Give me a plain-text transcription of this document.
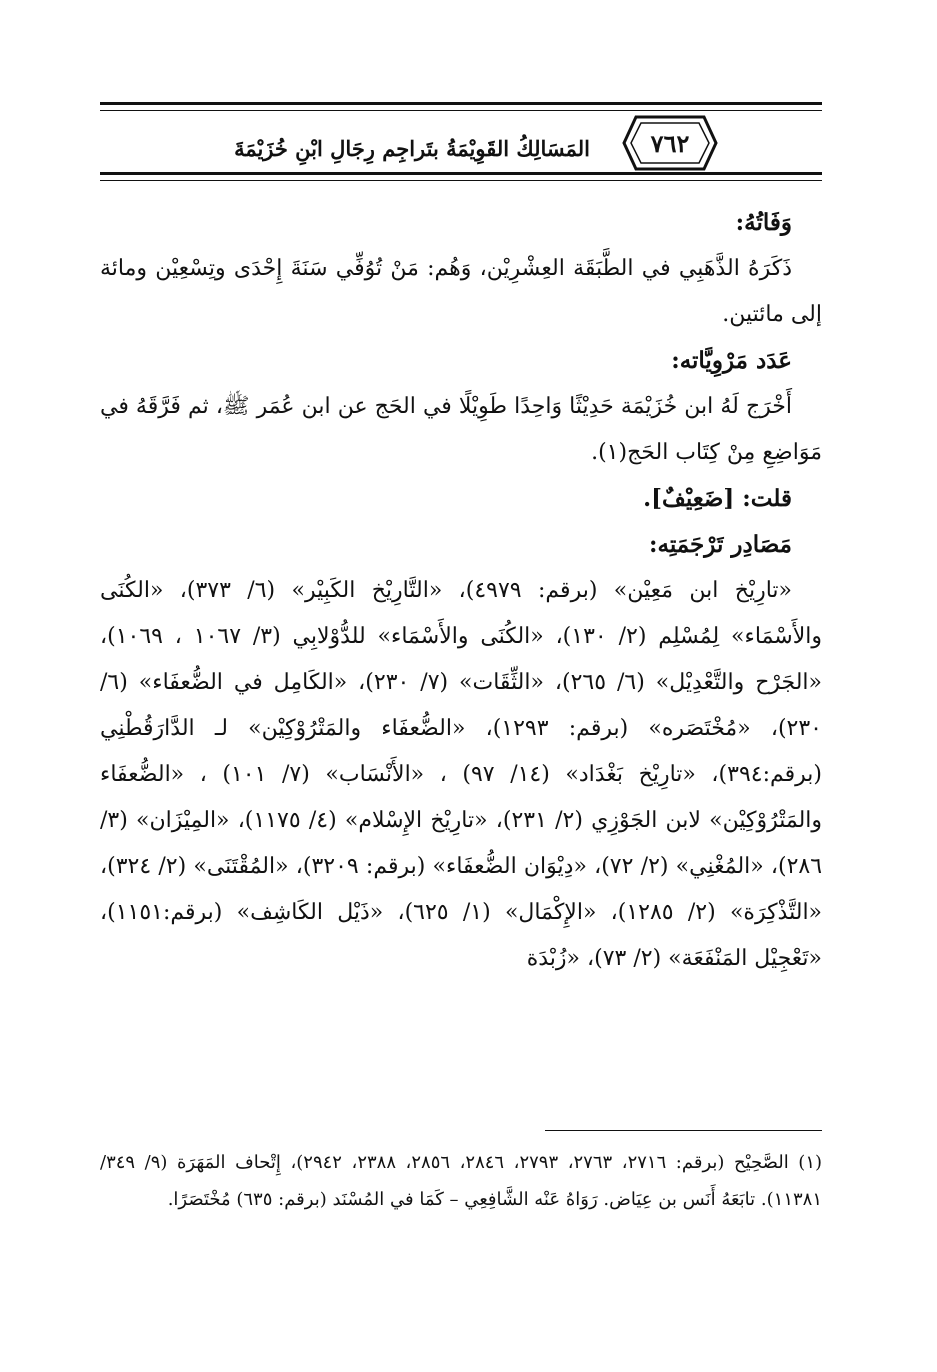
٧٦٢
المَسَالِكُ القَوِيْمَةُ بتَراجِم رِجَالِ ابْنِ خُزَيْمَةَ

وَفَاتُهُ:

ذَكَرَهُ الذَّهَبِي في الطَّبَقَة العِشْرِيْن، وَهُم: مَنْ تُوُفِّي سَنَةَ إِحْدَى وتِسْعِيْن ومائة إلى مائتين.

عَدَد مَرْوِيَّاته:

أَخْرَج لَهُ ابن خُزَيْمَة حَدِيْثًا وَاحِدًا طَوِيْلًا في الحَج عن ابن عُمَر ﷺ، ثم فَرَّقَهُ في مَوَاضِعِ مِنْ كِتَاب الحَج(١).

قلت: [ضَعِيْفٌ].

مَصَادِر تَرْجَمَتِه:

«تارِيْخ ابن مَعِيْن» (برقم: ٤٩٧٩)، «التَّارِيْخ الكَبِيْر» (٦/ ٣٧٣)، «الكُنَى والأَسْمَاء» لِمُسْلِم (٢/ ١٣٠)، «الكُنَى والأَسْمَاء» للدُّوْلابِي (٣/ ١٠٦٧ ، ١٠٦٩)، «الجَرْح والتَّعْدِيْل» (٦/ ٢٦٥)، «الثِّقَات» (٧/ ٢٣٠)، «الكَامِل في الضُّعفَاء» (٦/ ٢٣٠)، «مُخْتَصَره» (برقم: ١٢٩٣)، «الضُّعفَاء والمَتْرُوْكِيْن» لـ الدَّارَقُطْنِي (برقم:٣٩٤)، «تارِيْخ بَغْدَاد» (١٤/ ٩٧) ، «الأَنْسَاب» (٧/ ١٠١) ، «الضُّعفَاء والمَتْرُوْكِيْن» لابن الجَوْزِي (٢/ ٢٣١)، «تارِيْخ الإِسْلام» (٤/ ١١٧٥)، «المِيْزَان» (٣/ ٢٨٦)، «المُغْنِي» (٢/ ٧٢)، «دِيْوَان الضُّعفَاء» (برقم: ٣٢٠٩)، «المُقْتَنَى» (٢/ ٣٢٤)، «التَّذْكِرَة» (٢/ ١٢٨٥)، «الإِكْمَال» (١/ ٦٢٥)، «ذَيْل الكَاشِف» (برقم:١١٥١)، «تَعْجِيْل المَنْفَعَة» (٢/ ٧٣)، «زُبْدَة

(١) الصَّحِيْح (برقم: ٢٧١٦، ٢٧٦٣، ٢٧٩٣، ٢٨٤٦، ٢٨٥٦، ٢٣٨٨، ٢٩٤٢)، إِتْحاف المَهَرَة (٩/ ٣٤٩/ ١١٣٨١). تابَعَهُ أَنَس بن عِيَاض. رَوَاهُ عَنْه الشَّافِعِي – كَمَا في المُسْنَد (برقم: ٦٣٥) مُخْتَصَرًا.
